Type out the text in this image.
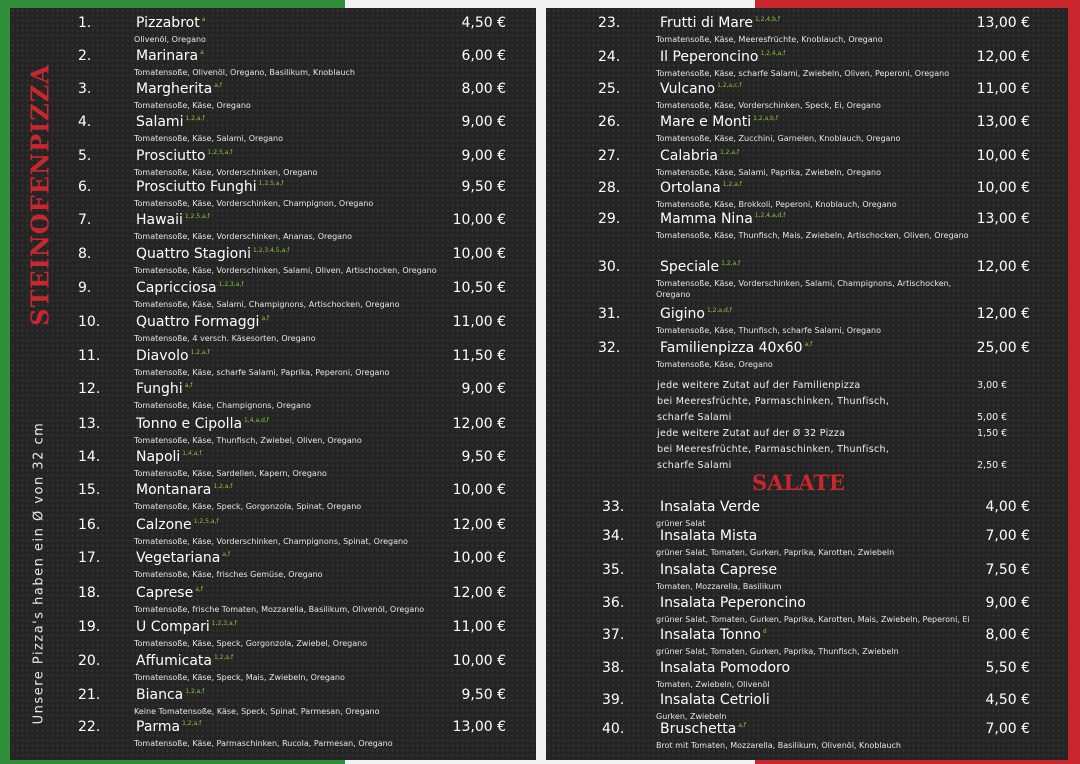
STEINOFENPIZZA
Unsere Pizza's haben ein Ø von 32 cm
1.	Pizzabrot $^a$	4,50 €
Olivenöl, Oregano
2.	Marinara $^a$	6,00 €
Tomatensoße, Olivenöl, Oregano, Basilikum, Knoblauch
3.	Margherita $^{a,f}$	8,00 €
Tomatensoße, Käse, Oregano
4.	Salami $^{1,2,a,f}$	9,00 €
Tomatensoße, Käse, Salami, Oregano
5.	Prosciutto $^{1,2,5,a,f}$	9,00 €
Tomatensoße, Käse, Vorderschinken, Oregano
6.	Prosciutto Funghi $^{1,2,5,a,f}$	9,50 €
Tomatensoße, Käse, Vorderschinken, Champignon, Oregano
7.	Hawaii $^{1,2,5,a,f}$	10,00 €
Tomatensoße, Käse, Vorderschinken, Ananas, Oregano
8.	Quattro Stagioni $^{1,2,3,4,5,a,f}$	10,00 €
Tomatensoße, Käse, Vorderschinken, Salami, Oliven, Artischocken, Oregano
9.	Capricciosa $^{1,2,3,a,f}$	10,50 €
Tomatensoße, Käse, Salami, Champignons, Artischocken, Oregano
10.	Quattro Formaggi $^{a,f}$	11,00 €
Tomatensoße, 4 versch. Käsesorten, Oregano
11.	Diavolo $^{1,2,a,f}$	11,50 €
Tomatensoße, Käse, scharfe Salami, Paprika, Peperoni, Oregano
12.	Funghi $^{a,f}$	9,00 €
Tomatensoße, Käse, Champignons, Oregano
13.	Tonno e Cipolla $^{1,4,a,d,f}$	12,00 €
Tomatensoße, Käse, Thunfisch, Zwiebel, Oliven, Oregano
14.	Napoli $^{1,4,a,f}$	9,50 €
Tomatensoße, Käse, Sardellen, Kapern, Oregano
15.	Montanara $^{1,2,a,f}$	10,00 €
Tomatensoße, Käse, Speck, Gorgonzola, Spinat, Oregano
16.	Calzone $^{1,2,5,a,f}$	12,00 €
Tomatensoße, Käse, Vorderschinken, Champignons, Spinat, Oregano
17.	Vegetariana $^{a,f}$	10,00 €
Tomatensoße, Käse, frisches Gemüse, Oregano
18.	Caprese $^{a,f}$	12,00 €
Tomatensoße, frische Tomaten, Mozzarella, Basilikum, Olivenöl, Oregano
19.	U Compari $^{1,2,3,a,f}$	11,00 €
Tomatensoße, Käse, Speck, Gorgonzola, Zwiebel, Oregano
20.	Affumicata $^{1,2,a,f}$	10,00 €
Tomatensoße, Käse, Speck, Mais, Zwiebeln, Oregano
21.	Bianca $^{1,2,a,f}$	9,50 €
Keine Tomatensoße, Käse, Speck, Spinat, Parmesan, Oregano
22.	Parma $^{1,2,a,f}$	13,00 €
Tomatensoße, Käse, Parmaschinken, Rucola, Parmesan, Oregano
23.	Frutti di Mare $^{1,2,4,b,f}$	13,00 €
Tomatensoße, Käse, Meeresfrüchte, Knoblauch, Oregano
24.	Il Peperoncino $^{1,2,4,a,f}$	12,00 €
Tomatensoße, Käse, scharfe Salami, Zwiebeln, Oliven, Peperoni, Oregano
25.	Vulcano $^{1,2,a,c,f}$	11,00 €
Tomatensoße, Käse, Vorderschinken, Speck, Ei, Oregano
26.	Mare e Monti $^{1,2,a,b,f}$	13,00 €
Tomatensoße, Käse, Zucchini, Garnelen, Knoblauch, Oregano
27.	Calabria $^{1,2,a,f}$	10,00 €
Tomatensoße, Käse, Salami, Paprika, Zwiebeln, Oregano
28.	Ortolana $^{1,2,a,f}$	10,00 €
Tomatensoße, Käse, Brokkoli, Peperoni, Knoblauch, Oregano
29.	Mamma Nina $^{1,2,4,a,d,f}$	13,00 €
Tomatensoße, Käse, Thunfisch, Mais, Zwiebeln, Artischocken, Oliven, Oregano
30.	Speciale $^{1,2,a,f}$	12,00 €
Tomatensoße, Käse, Vorderschinken, Salami, Champignons, Artischocken, Oregano
31.	Gigino $^{1,2,a,d,f}$	12,00 €
Tomatensoße, Käse, Thunfisch, scharfe Salami, Oregano
32.	Familienpizza 40x60 $^{a,f}$	25,00 €
Tomatensoße, Käse, Oregano
jede weitere Zutat auf der Familienpizza	3,00 €
bei Meeresfrüchte, Parmaschinken, Thunfisch,
scharfe Salami	5,00 €
jede weitere Zutat auf der Ø 32 Pizza	1,50 €
bei Meeresfrüchte, Parmaschinken, Thunfisch,
scharfe Salami	2,50 €
33.	Insalata Verde	4,00 €
grüner Salat
34.	Insalata Mista	7,00 €
grüner Salat, Tomaten, Gurken, Paprika, Karotten, Zwiebeln
35.	Insalata Caprese	7,50 €
Tomaten, Mozzarella, Basilikum
36.	Insalata Peperoncino	9,00 €
grüner Salat, Tomaten, Gurken, Paprika, Karotten, Mais, Zwiebeln, Peperoni, Ei
37.	Insalata Tonno $^d$	8,00 €
grüner Salat, Tomaten, Gurken, Paprika, Thunfisch, Zwiebeln
38.	Insalata Pomodoro	5,50 €
Tomaten, Zwiebeln, Olivenöl
39.	Insalata Cetrioli	4,50 €
Gurken, Zwiebeln
40.	Bruschetta $^{a,f}$	7,00 €
Brot mit Tomaten, Mozzarella, Basilikum, Olivenöl, Knoblauch
SALATE
